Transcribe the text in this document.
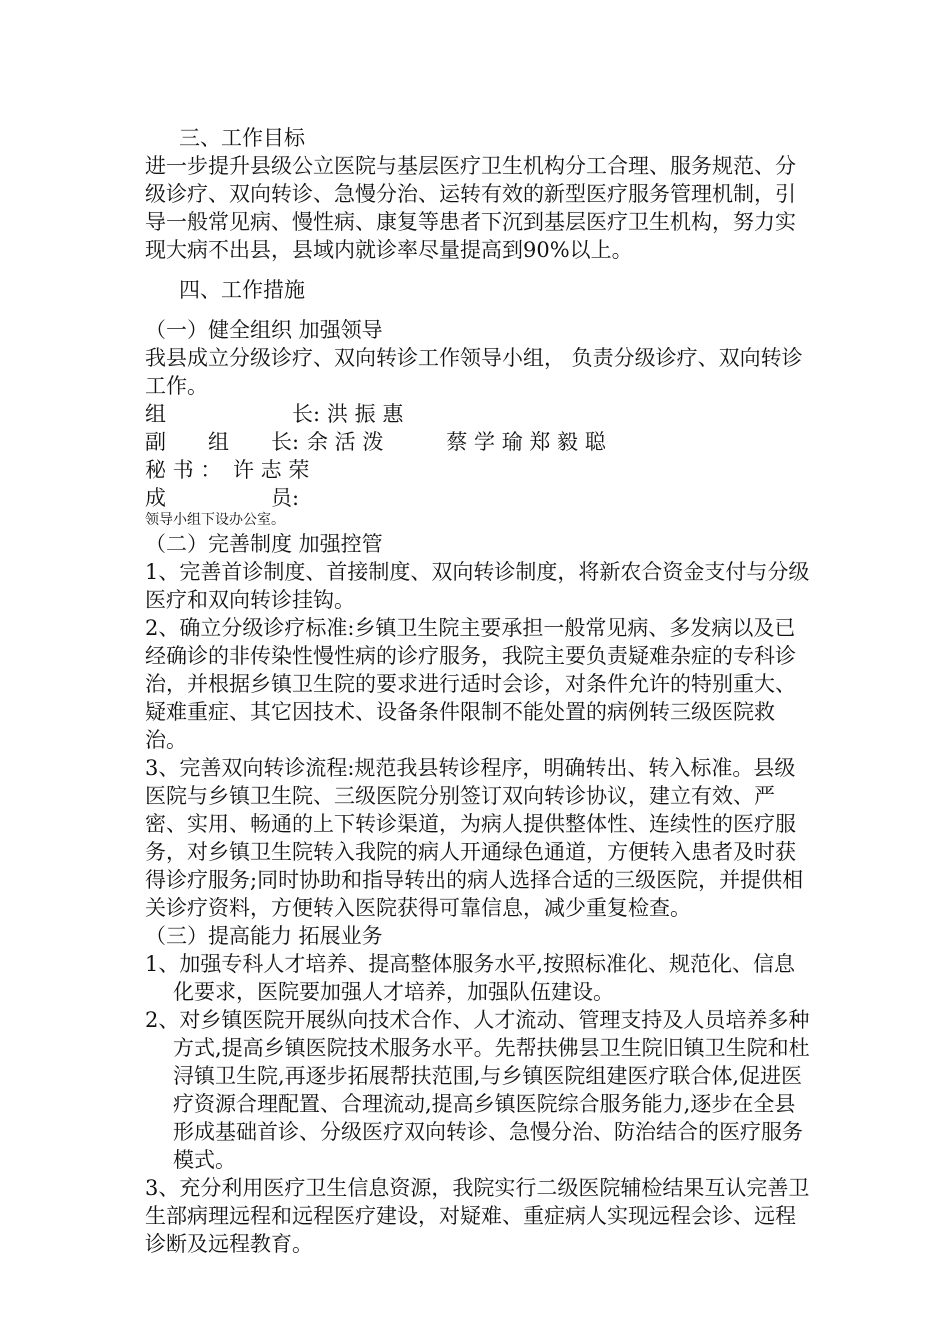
三、工作目标

进一步提升县级公立医院与基层医疗卫生机构分工合理、服务规范、分级诊疗、双向转诊、急慢分治、运转有效的新型医疗服务管理机制，引导一般常见病、慢性病、康复等患者下沉到基层医疗卫生机构，努力实现大病不出县，县域内就诊率尽量提高到90%以上。

四、工作措施

（一）健全组织 加强领导

我县成立分级诊疗、双向转诊工作领导小组， 负责分级诊疗、双向转诊工作。

组　　　　　　长: 洪 振 惠
副　　组　　长: 余 活 泼　　　蔡 学 瑜 郑 毅 聪
秘 书 ： 许 志 荣
成　　　　　员:

领导小组下设办公室。

（二）完善制度 加强控管

1、完善首诊制度、首接制度、双向转诊制度，将新农合资金支付与分级医疗和双向转诊挂钩。

2、确立分级诊疗标准:乡镇卫生院主要承担一般常见病、多发病以及已经确诊的非传染性慢性病的诊疗服务，我院主要负责疑难杂症的专科诊治，并根据乡镇卫生院的要求进行适时会诊，对条件允许的特别重大、疑难重症、其它因技术、设备条件限制不能处置的病例转三级医院救治。

3、完善双向转诊流程:规范我县转诊程序，明确转出、转入标准。县级医院与乡镇卫生院、三级医院分别签订双向转诊协议，建立有效、严密、实用、畅通的上下转诊渠道，为病人提供整体性、连续性的医疗服务，对乡镇卫生院转入我院的病人开通绿色通道，方便转入患者及时获得诊疗服务;同时协助和指导转出的病人选择合适的三级医院，并提供相关诊疗资料，方便转入医院获得可靠信息，减少重复检查。

（三）提高能力 拓展业务

1、加强专科人才培养、提高整体服务水平,按照标准化、规范化、信息化要求，医院要加强人才培养，加强队伍建设。

2、对乡镇医院开展纵向技术合作、人才流动、管理支持及人员培养多种方式,提高乡镇医院技术服务水平。先帮扶佛昙卫生院旧镇卫生院和杜浔镇卫生院,再逐步拓展帮扶范围,与乡镇医院组建医疗联合体,促进医疗资源合理配置、合理流动,提高乡镇医院综合服务能力,逐步在全县形成基础首诊、分级医疗双向转诊、急慢分治、防治结合的医疗服务模式。

3、充分利用医疗卫生信息资源，我院实行二级医院辅检结果互认完善卫生部病理远程和远程医疗建设，对疑难、重症病人实现远程会诊、远程诊断及远程教育。
